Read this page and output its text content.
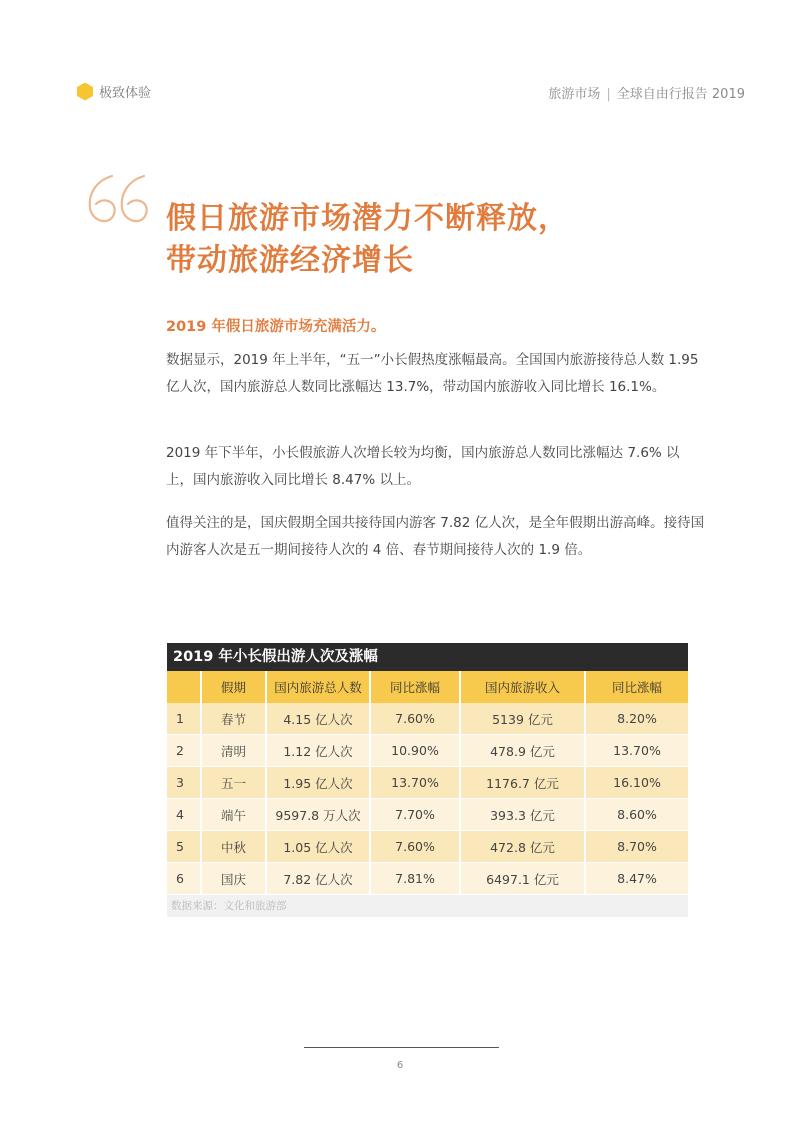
极致体验	旅游市场 | 全球自由行报告 2019
假日旅游市场潜力不断释放，
带动旅游经济增长
2019 年假日旅游市场充满活力。
数据显示，2019 年上半年，“五一”小长假热度涨幅最高。全国国内旅游接待总人数 1.95 亿人次，国内旅游总人数同比涨幅达 13.7%，带动国内旅游收入同比增长 16.1%。
2019 年下半年，小长假旅游人次增长较为均衡，国内旅游总人数同比涨幅达 7.6% 以上，国内旅游收入同比增长 8.47% 以上。
值得关注的是，国庆假期全国共接待国内游客 7.82 亿人次，是全年假期出游高峰。接待国内游客人次是五一期间接待人次的 4 倍、春节期间接待人次的 1.9 倍。
2019 年小长假出游人次及涨幅
	假期	国内旅游总人数	同比涨幅	国内旅游收入	同比涨幅
1	春节	4.15 亿人次	7.60%	5139 亿元	8.20%
2	清明	1.12 亿人次	10.90%	478.9 亿元	13.70%
3	五一	1.95 亿人次	13.70%	1176.7 亿元	16.10%
4	端午	9597.8 万人次	7.70%	393.3 亿元	8.60%
5	中秋	1.05 亿人次	7.60%	472.8 亿元	8.70%
6	国庆	7.82 亿人次	7.81%	6497.1 亿元	8.47%
数据来源：文化和旅游部
6
